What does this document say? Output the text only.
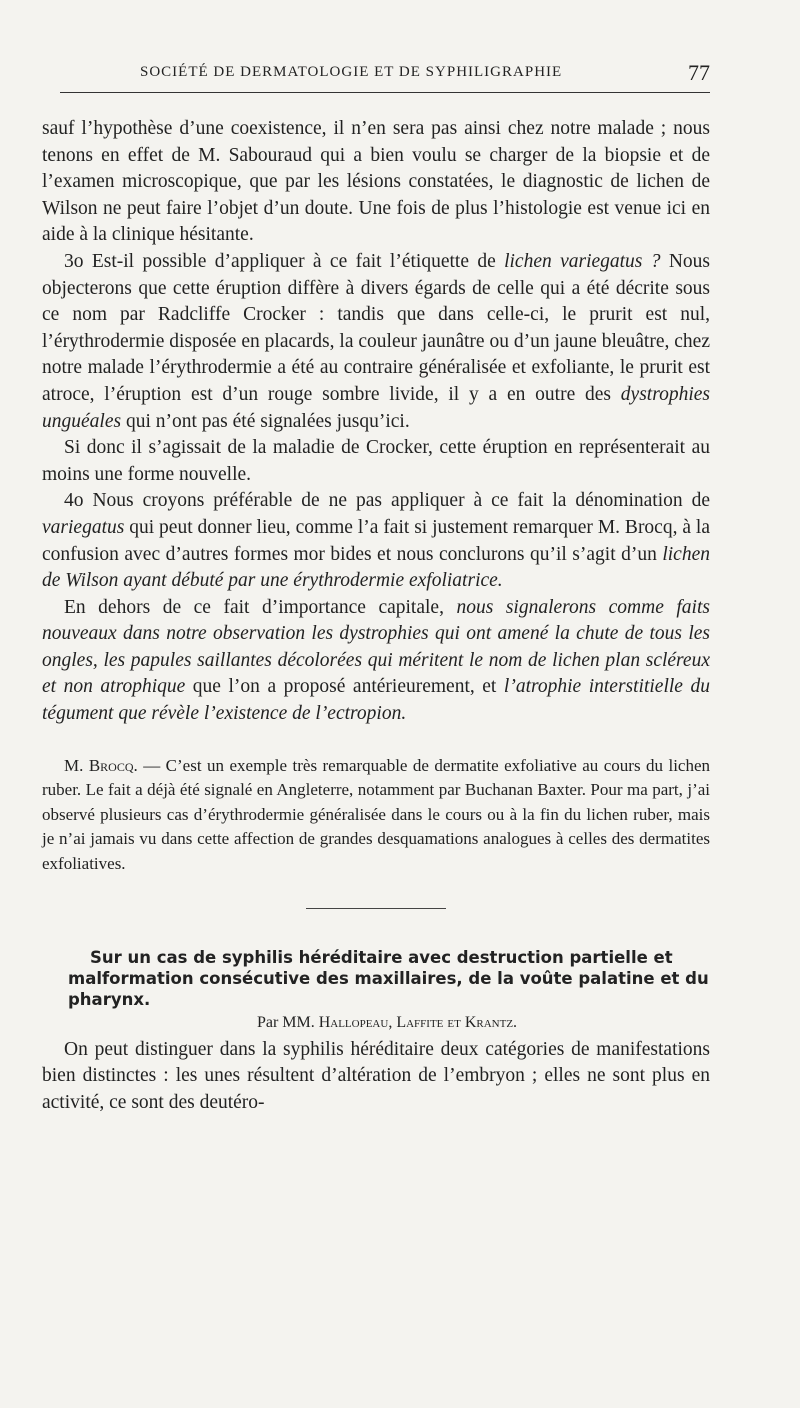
SOCIÉTÉ DE DERMATOLOGIE ET DE SYPHILIGRAPHIE	77

sauf l’hypothèse d’une coexistence, il n’en sera pas ainsi chez notre malade ; nous tenons en effet de M. Sabouraud qui a bien voulu se charger de la biopsie et de l’examen microscopique, que par les lésions constatées, le diagnostic de lichen de Wilson ne peut faire l’objet d’un doute. Une fois de plus l’histologie est venue ici en aide à la clinique hésitante.

3o Est-il possible d’appliquer à ce fait l’étiquette de lichen variegatus ? Nous objecterons que cette éruption diffère à divers égards de celle qui a été décrite sous ce nom par Radcliffe Crocker : tandis que dans celle-ci, le prurit est nul, l’érythrodermie disposée en placards, la couleur jaunâtre ou d’un jaune bleuâtre, chez notre malade l’érythrodermie a été au contraire généralisée et exfoliante, le prurit est atroce, l’éruption est d’un rouge sombre livide, il y a en outre des dystrophies unguéales qui n’ont pas été signalées jusqu’ici.

Si donc il s’agissait de la maladie de Crocker, cette éruption en représenterait au moins une forme nouvelle.

4o Nous croyons préférable de ne pas appliquer à ce fait la dénomination de variegatus qui peut donner lieu, comme l’a fait si justement remarquer M. Brocq, à la confusion avec d’autres formes mor bides et nous conclurons qu’il s’agit d’un lichen de Wilson ayant débuté par une érythrodermie exfoliatrice.

En dehors de ce fait d’importance capitale, nous signalerons comme faits nouveaux dans notre observation les dystrophies qui ont amené la chute de tous les ongles, les papules saillantes décolorées qui méritent le nom de lichen plan scléreux et non atrophique que l’on a proposé antérieurement, et l’atrophie interstitielle du tégument que révèle l’existence de l’ectropion.

M. Brocq. — C’est un exemple très remarquable de dermatite exfoliative au cours du lichen ruber. Le fait a déjà été signalé en Angleterre, notamment par Buchanan Baxter. Pour ma part, j’ai observé plusieurs cas d’érythrodermie généralisée dans le cours ou à la fin du lichen ruber, mais je n’ai jamais vu dans cette affection de grandes desquamations analogues à celles des dermatites exfoliatives.

Sur un cas de syphilis héréditaire avec destruction partielle et malformation consécutive des maxillaires, de la voûte palatine et du pharynx.

Par MM. Hallopeau, Laffite et Krantz.

On peut distinguer dans la syphilis héréditaire deux catégories de manifestations bien distinctes : les unes résultent d’altération de l’embryon ; elles ne sont plus en activité, ce sont des deutéro-
